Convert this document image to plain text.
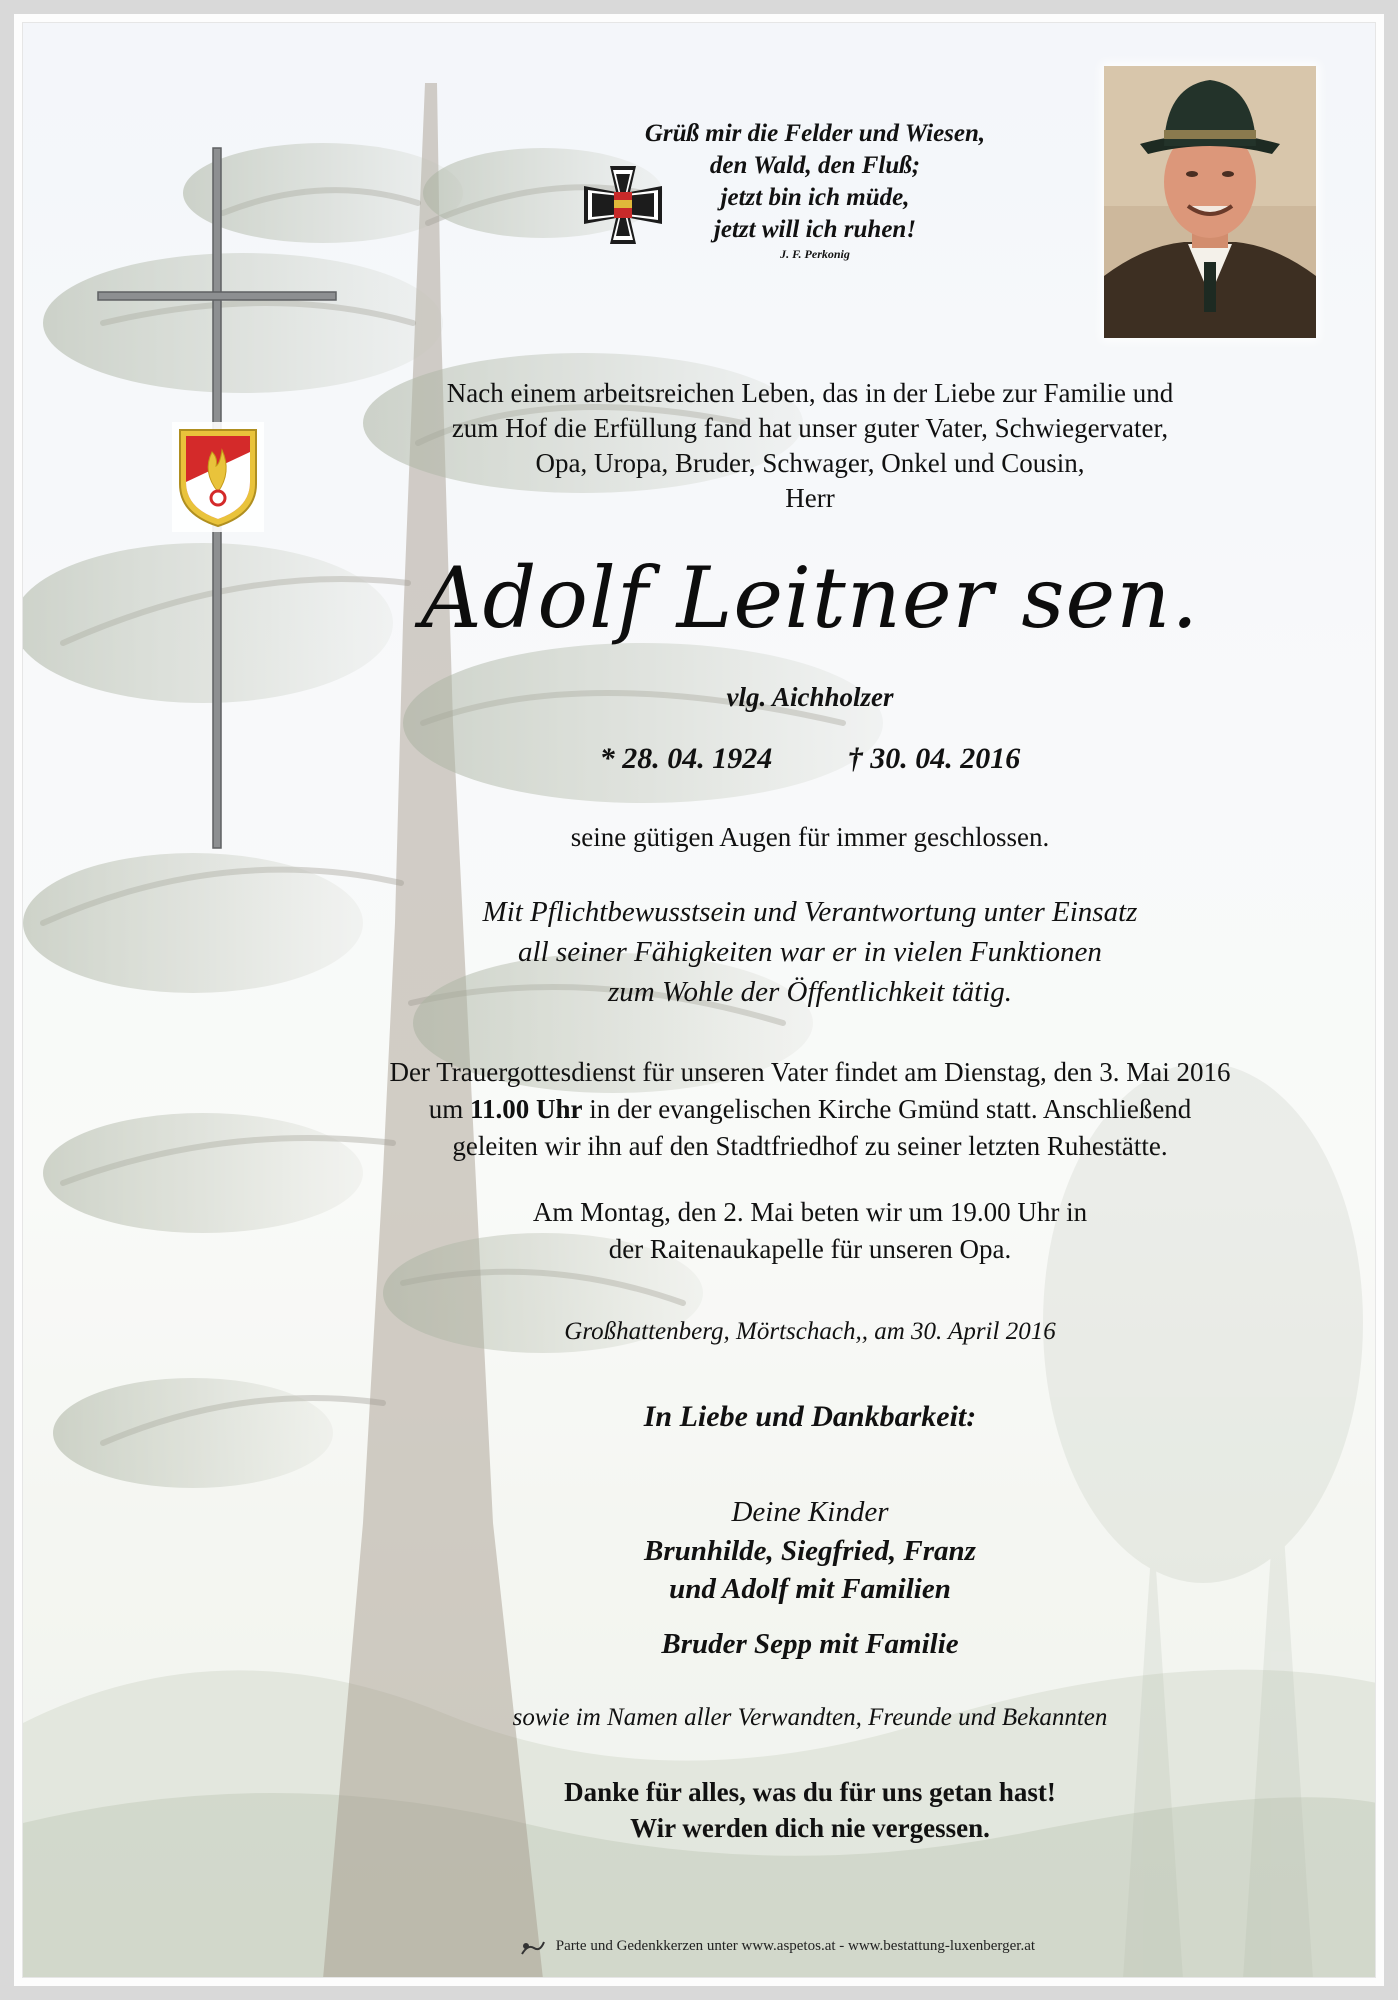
Grüß mir die Felder und Wiesen,
den Wald, den Fluß;
jetzt bin ich müde,
jetzt will ich ruhen!
J. F. Perkonig
Nach einem arbeitsreichen Leben, das in der Liebe zur Familie und
zum Hof die Erfüllung fand hat unser guter Vater, Schwiegervater,
Opa, Uropa, Bruder, Schwager, Onkel und Cousin,
Herr
Adolf Leitner sen.
vlg. Aichholzer
* 28. 04. 1924	† 30. 04. 2016
seine gütigen Augen für immer geschlossen.
Mit Pflichtbewusstsein und Verantwortung unter Einsatz
all seiner Fähigkeiten war er in vielen Funktionen
zum Wohle der Öffentlichkeit tätig.
Der Trauergottesdienst für unseren Vater findet am Dienstag, den 3. Mai 2016
um 11.00 Uhr in der evangelischen Kirche Gmünd statt. Anschließend
geleiten wir ihn auf den Stadtfriedhof zu seiner letzten Ruhestätte.
Am Montag, den 2. Mai beten wir um 19.00 Uhr in
der Raitenaukapelle für unseren Opa.
Großhattenberg, Mörtschach,, am 30. April 2016
In Liebe und Dankbarkeit:
Deine Kinder
Brunhilde, Siegfried, Franz
und Adolf mit Familien
Bruder Sepp mit Familie
sowie im Namen aller Verwandten, Freunde und Bekannten
Danke für alles, was du für uns getan hast!
Wir werden dich nie vergessen.
Parte und Gedenkkerzen unter www.aspetos.at - www.bestattung-luxenberger.at
